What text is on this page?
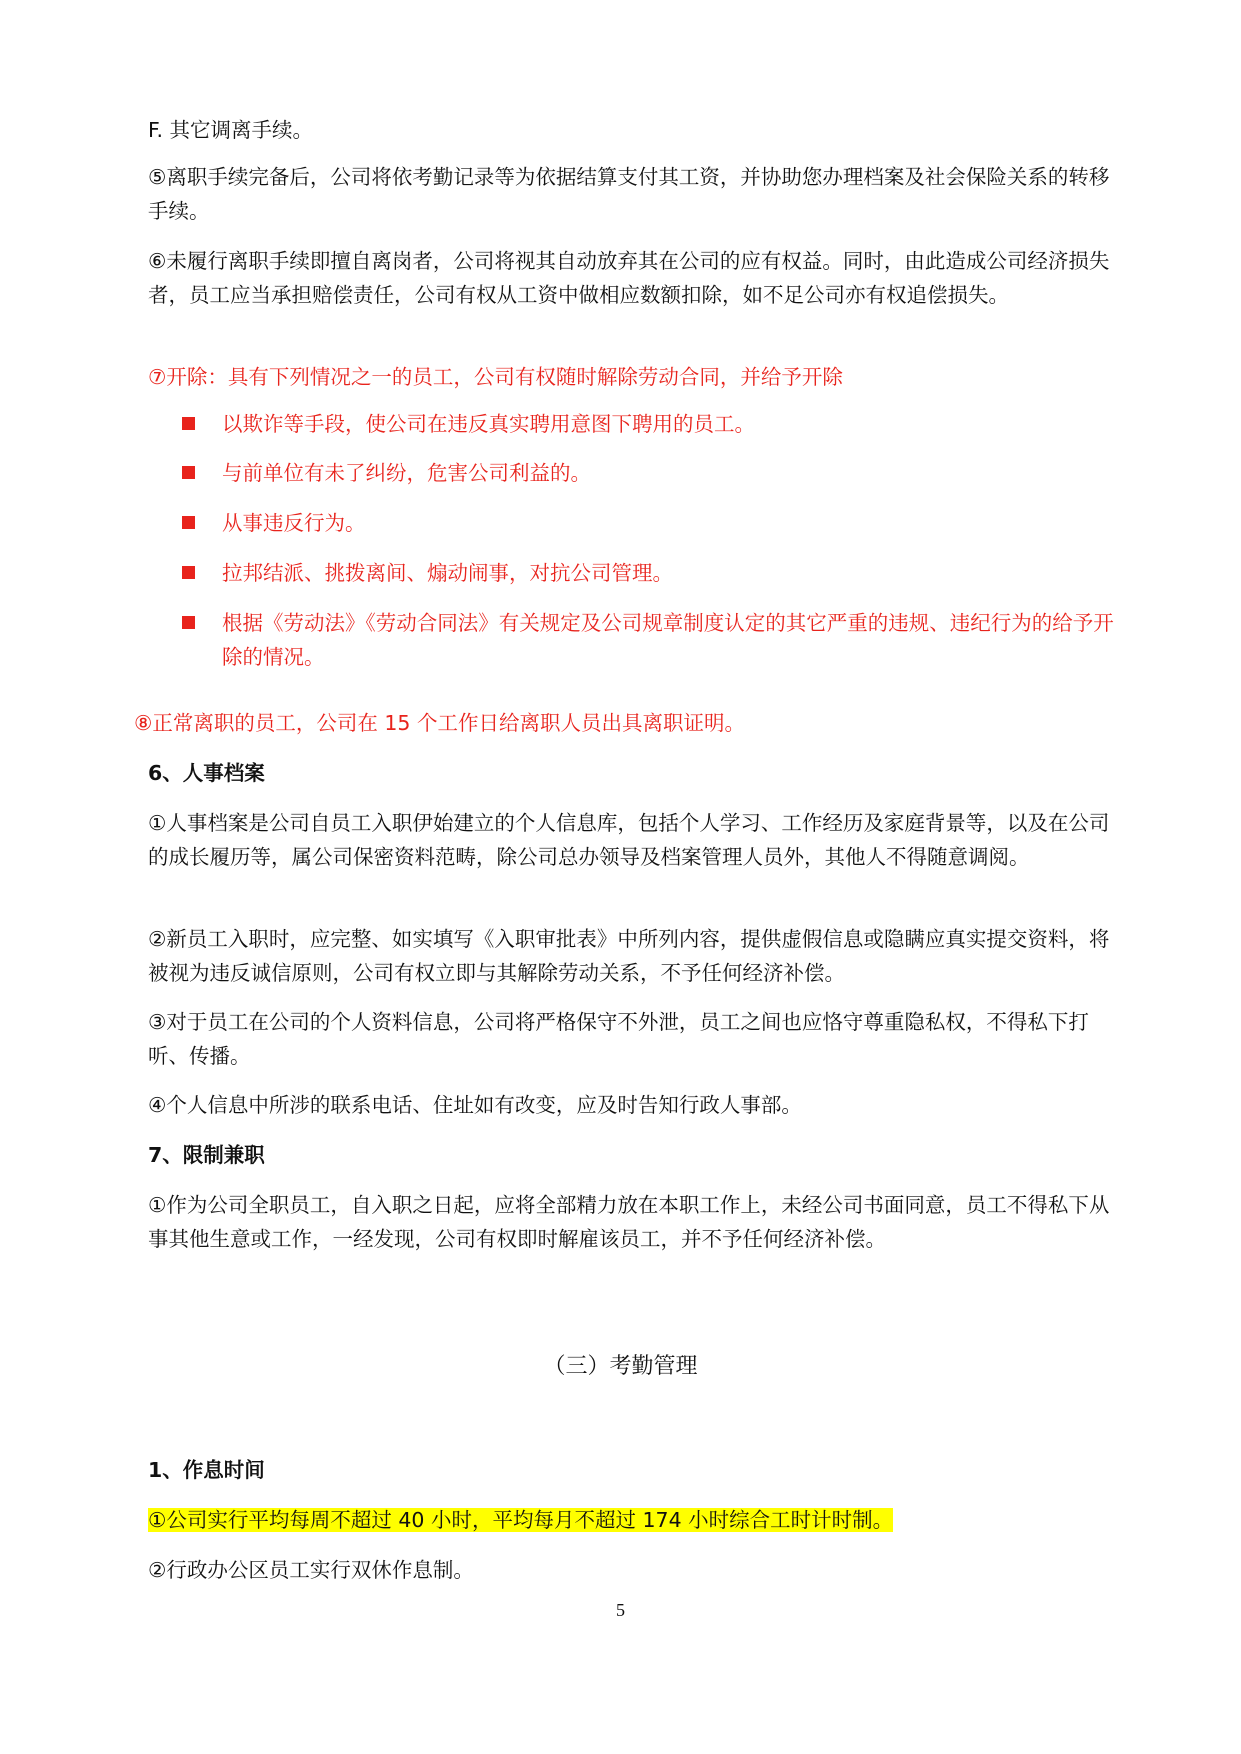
F. 其它调离手续。

⑤离职手续完备后，公司将依考勤记录等为依据结算支付其工资，并协助您办理档案及社会保险关系的转移手续。

⑥未履行离职手续即擅自离岗者，公司将视其自动放弃其在公司的应有权益。同时，由此造成公司经济损失者，员工应当承担赔偿责任，公司有权从工资中做相应数额扣除，如不足公司亦有权追偿损失。

⑦开除：具有下列情况之一的员工，公司有权随时解除劳动合同，并给予开除

以欺诈等手段，使公司在违反真实聘用意图下聘用的员工。

与前单位有未了纠纷，危害公司利益的。

从事违反行为。

拉邦结派、挑拨离间、煽动闹事，对抗公司管理。

根据《劳动法》《劳动合同法》有关规定及公司规章制度认定的其它严重的违规、违纪行为的给予开除的情况。

⑧正常离职的员工，公司在 15 个工作日给离职人员出具离职证明。

6、人事档案

①人事档案是公司自员工入职伊始建立的个人信息库，包括个人学习、工作经历及家庭背景等，以及在公司的成长履历等，属公司保密资料范畴，除公司总办领导及档案管理人员外，其他人不得随意调阅。

②新员工入职时，应完整、如实填写《入职审批表》中所列内容，提供虚假信息或隐瞒应真实提交资料，将被视为违反诚信原则，公司有权立即与其解除劳动关系，不予任何经济补偿。

③对于员工在公司的个人资料信息，公司将严格保守不外泄，员工之间也应恪守尊重隐私权，不得私下打听、传播。

④个人信息中所涉的联系电话、住址如有改变，应及时告知行政人事部。

7、限制兼职

①作为公司全职员工，自入职之日起，应将全部精力放在本职工作上，未经公司书面同意，员工不得私下从事其他生意或工作，一经发现，公司有权即时解雇该员工，并不予任何经济补偿。

（三）考勤管理

1、作息时间

①公司实行平均每周不超过 40 小时，平均每月不超过 174 小时综合工时计时制。

②行政办公区员工实行双休作息制。

5
